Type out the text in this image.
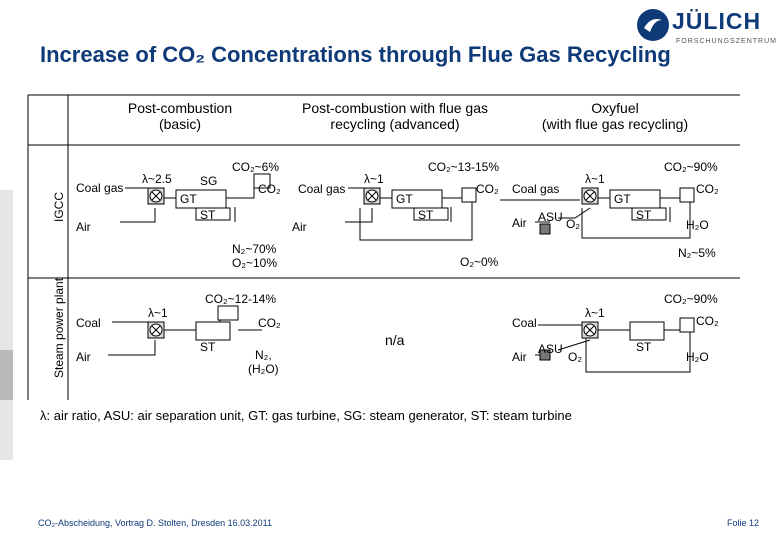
Increase of CO₂ Concentrations through Flue Gas Recycling
JÜLICH
FORSCHUNGSZENTRUM
Post-combustion
(basic)
Post-combustion with flue gas
recycling (advanced)
Oxyfuel
(with flue gas recycling)
IGCC
Steam power plant
Coal gas
Air
λ~2.5 SG
GT
ST
CO₂~6%
CO₂
N₂~70%
O₂~10%
Coal gas
Air
λ~1
GT
ST
CO₂~13-15%
CO₂
O₂~0%
Coal gas
Air ASU O₂
λ~1
GT
ST
CO₂~90%
CO₂
H₂O
N₂~5%
Coal
Air
λ~1
ST
CO₂~12-14%
CO₂
N₂,
(H₂O)
n/a
Coal
Air
ASU
O₂
λ~1
ST
CO₂~90%
CO₂
H₂O
λ: air ratio, ASU: air separation unit, GT: gas turbine, SG: steam generator, ST: steam turbine
CO₂-Abscheidung, Vortrag D. Stolten, Dresden 16.03.2011	Folie 12
